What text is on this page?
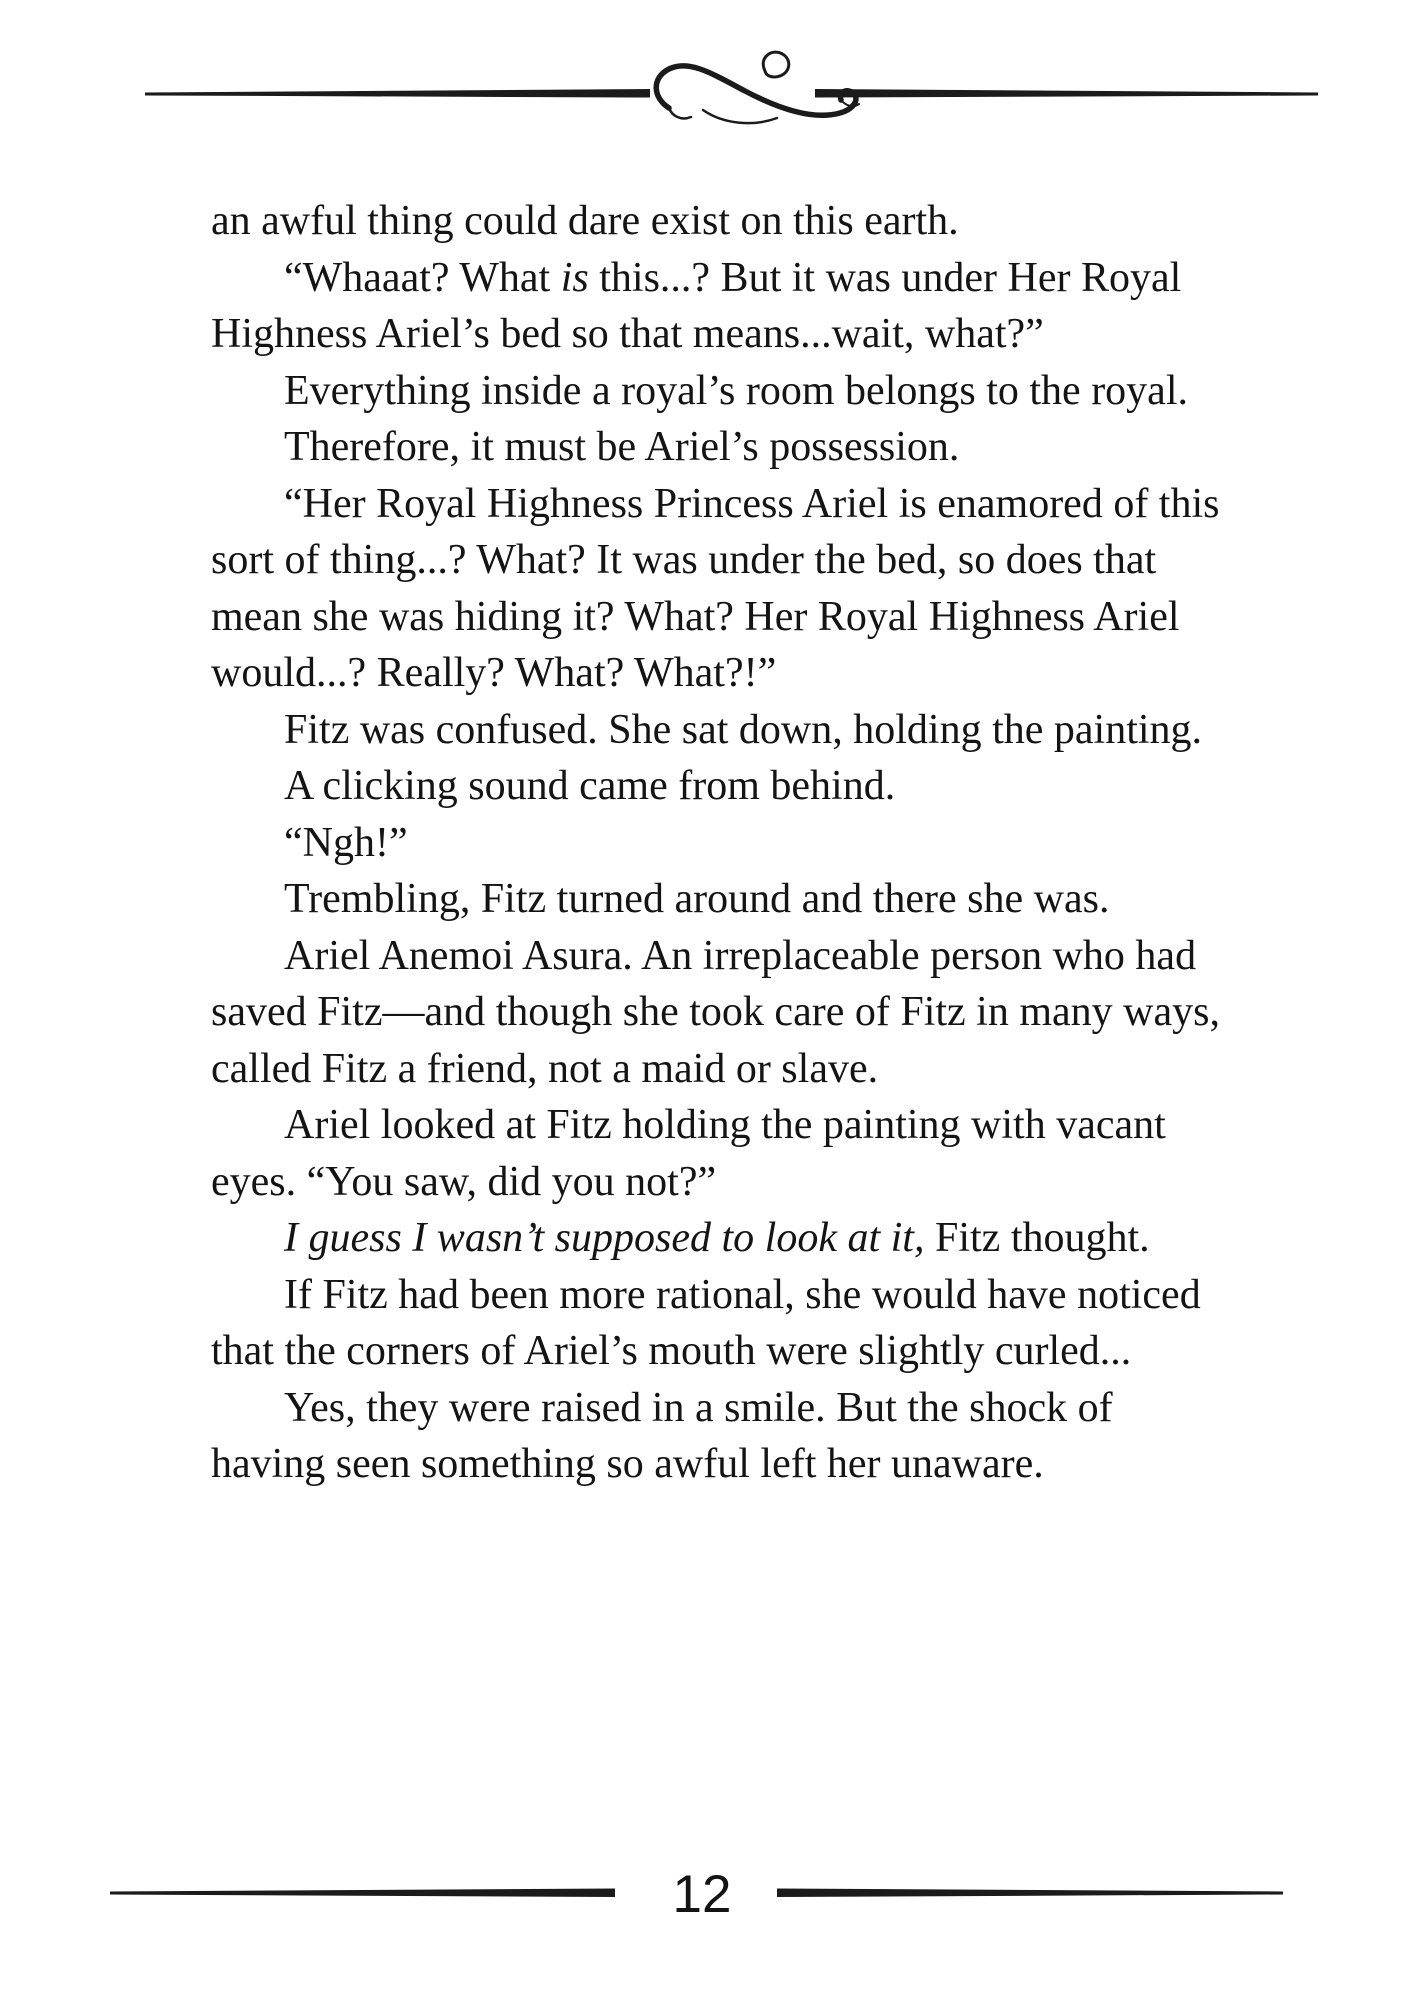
an awful thing could dare exist on this earth.

“Whaaat? What is this...? But it was under Her Royal Highness Ariel’s bed so that means...wait, what?”

Everything inside a royal’s room belongs to the royal.

Therefore, it must be Ariel’s possession.

“Her Royal Highness Princess Ariel is enamored of this sort of thing...? What? It was under the bed, so does that mean she was hiding it? What? Her Royal Highness Ariel would...? Really? What? What?!”

Fitz was confused. She sat down, holding the painting.

A clicking sound came from behind.

“Ngh!”

Trembling, Fitz turned around and there she was.

Ariel Anemoi Asura. An irreplaceable person who had saved Fitz—and though she took care of Fitz in many ways, called Fitz a friend, not a maid or slave.

Ariel looked at Fitz holding the painting with vacant eyes. “You saw, did you not?”

I guess I wasn’t supposed to look at it, Fitz thought.

If Fitz had been more rational, she would have noticed that the corners of Ariel’s mouth were slightly curled...

Yes, they were raised in a smile. But the shock of having seen something so awful left her unaware.

12
